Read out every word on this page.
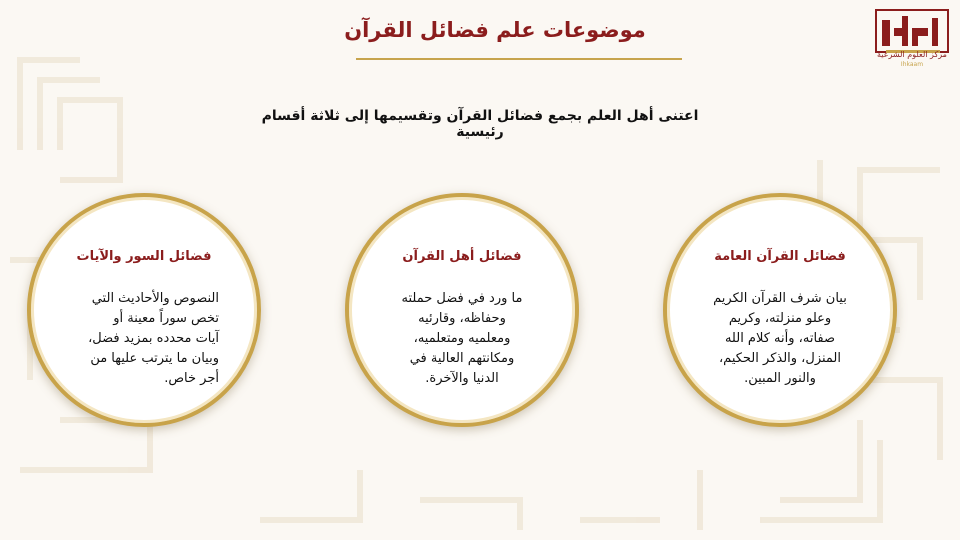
مركز العلوم الشرعية
Ihkaam
موضوعات علم فضائل القرآن
اعتنى أهل العلم بجمع فضائل القرآن وتقسيمها إلى ثلاثة أقسام رئيسية
فضائل القرآن العامة
بيان شرف القرآن الكريم
وعلو منزلته، وكريم
صفاته، وأنه كلام الله
المنزل، والذكر الحكيم،
والنور المبين.
فضائل أهل القرآن
ما ورد في فضل حملته
وحفاظه، وقارئيه
ومعلميه ومتعلميه،
ومكانتهم العالية في
الدنيا والآخرة.
فضائل السور والآيات
النصوص والأحاديث التي
تخص سوراً معينة أو
آيات محدده بمزيد فضل،
وبيان ما يترتب عليها من
أجر خاص.
